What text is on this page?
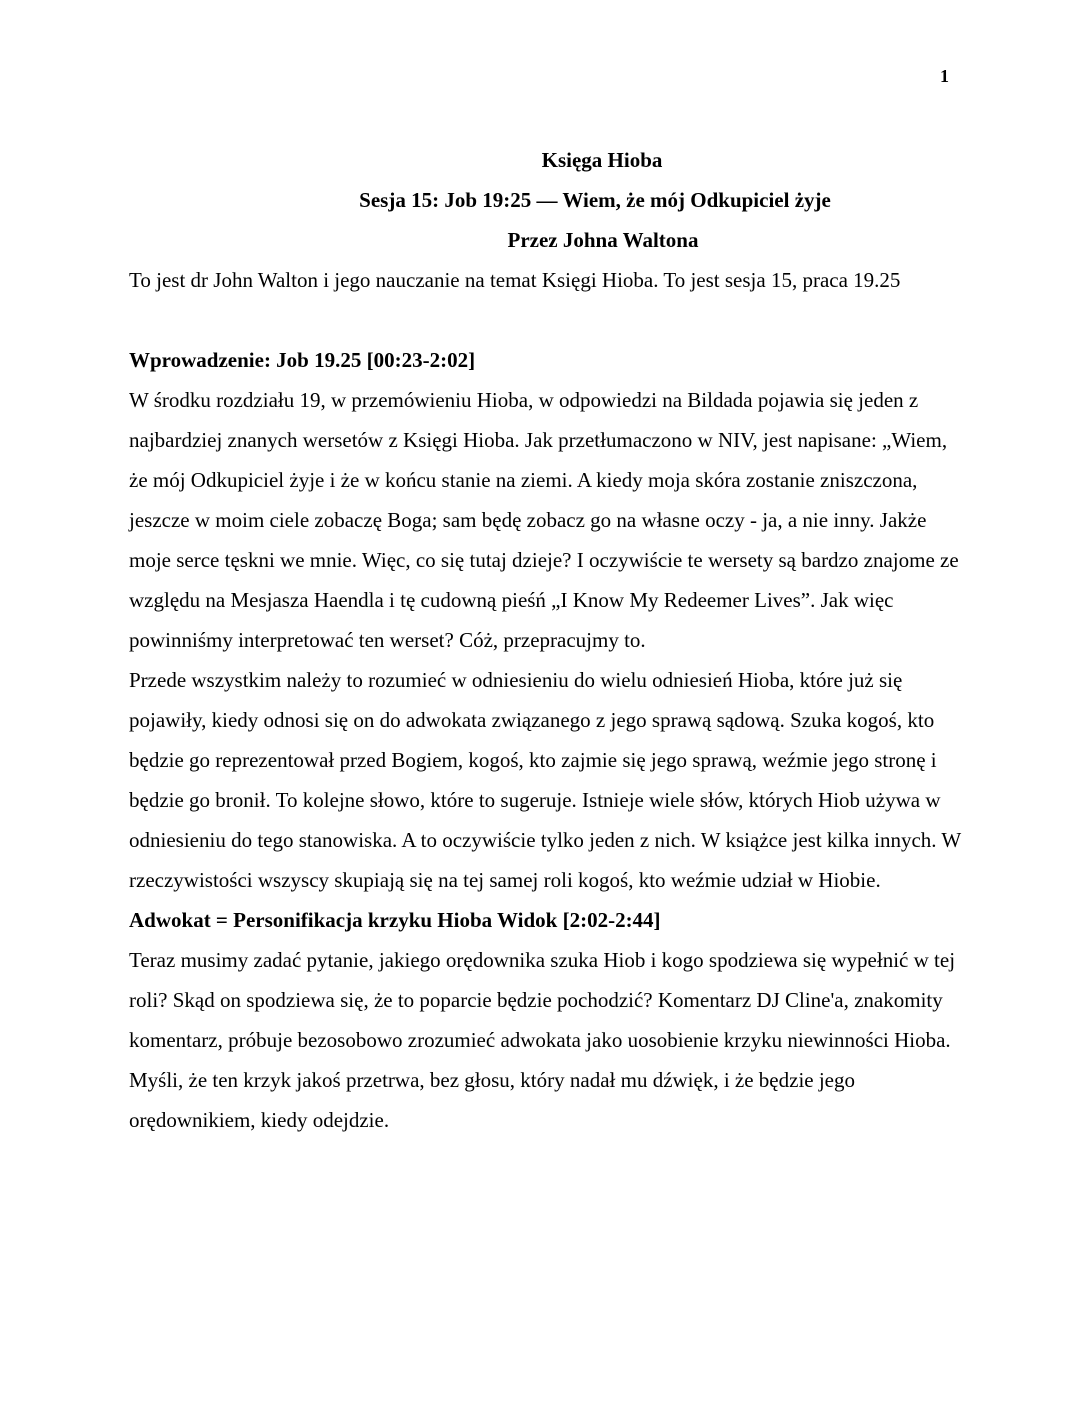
1

Księga Hioba

Sesja 15: Job 19:25 — Wiem, że mój Odkupiciel żyje

Przez Johna Waltona

To jest dr John Walton i jego nauczanie na temat Księgi Hioba. To jest sesja 15, praca 19.25

Wprowadzenie: Job 19.25 [00:23-2:02]

W środku rozdziału 19, w przemówieniu Hioba, w odpowiedzi na Bildada pojawia się jeden z najbardziej znanych wersetów z Księgi Hioba. Jak przetłumaczono w NIV, jest napisane: „Wiem, że mój Odkupiciel żyje i że w końcu stanie na ziemi. A kiedy moja skóra zostanie zniszczona, jeszcze w moim ciele zobaczę Boga; sam będę zobacz go na własne oczy - ja, a nie inny. Jakże moje serce tęskni we mnie. Więc, co się tutaj dzieje? I oczywiście te wersety są bardzo znajome ze względu na Mesjasza Haendla i tę cudowną pieśń „I Know My Redeemer Lives”. Jak więc powinniśmy interpretować ten werset? Cóż, przepracujmy to.

Przede wszystkim należy to rozumieć w odniesieniu do wielu odniesień Hioba, które już się pojawiły, kiedy odnosi się on do adwokata związanego z jego sprawą sądową. Szuka kogoś, kto będzie go reprezentował przed Bogiem, kogoś, kto zajmie się jego sprawą, weźmie jego stronę i będzie go bronił. To kolejne słowo, które to sugeruje. Istnieje wiele słów, których Hiob używa w odniesieniu do tego stanowiska. A to oczywiście tylko jeden z nich. W książce jest kilka innych. W rzeczywistości wszyscy skupiają się na tej samej roli kogoś, kto weźmie udział w Hiobie.

Adwokat = Personifikacja krzyku Hioba Widok [2:02-2:44]

Teraz musimy zadać pytanie, jakiego orędownika szuka Hiob i kogo spodziewa się wypełnić w tej roli? Skąd on spodziewa się, że to poparcie będzie pochodzić? Komentarz DJ Cline'a, znakomity komentarz, próbuje bezosobowo zrozumieć adwokata jako uosobienie krzyku niewinności Hioba. Myśli, że ten krzyk jakoś przetrwa, bez głosu, który nadał mu dźwięk, i że będzie jego orędownikiem, kiedy odejdzie.
